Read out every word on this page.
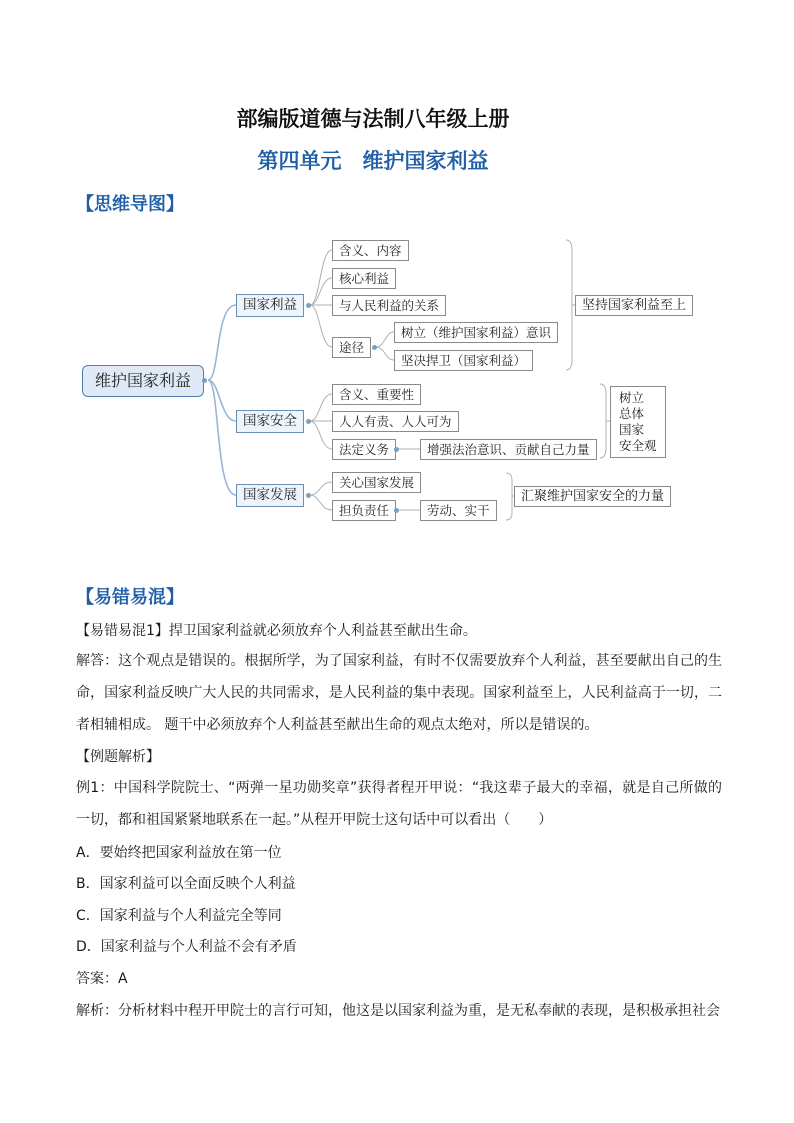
部编版道德与法制八年级上册
第四单元　维护国家利益
【思维导图】
维护国家利益
国家利益
含义、内容
核心利益
与人民利益的关系
途径
树立（维护国家利益）意识
坚决捍卫（国家利益）
坚持国家利益至上
国家安全
含义、重要性
人人有责、人人可为
法定义务	增强法治意识、贡献自己力量
树立
总体
国家
安全观
国家发展
关心国家发展
担负责任	劳动、实干
汇聚维护国家安全的力量
【易错易混】
【易错易混1】捍卫国家利益就必须放弃个人利益甚至献出生命。
解答：这个观点是错误的。根据所学，为了国家利益，有时不仅需要放弃个人利益，甚至要献出自己的生命，国家利益反映广大人民的共同需求，是人民利益的集中表现。国家利益至上，人民利益高于一切，二者相辅相成。 题干中必须放弃个人利益甚至献出生命的观点太绝对，所以是错误的。
【例题解析】
例1：中国科学院院士、“两弹一星功勋奖章”获得者程开甲说：“我这辈子最大的幸福，就是自己所做的一切，都和祖国紧紧地联系在一起。”从程开甲院士这句话中可以看出（　　）
A．要始终把国家利益放在第一位
B．国家利益可以全面反映个人利益
C．国家利益与个人利益完全等同
D．国家利益与个人利益不会有矛盾
答案：A
解析：分析材料中程开甲院士的言行可知，他这是以国家利益为重，是无私奉献的表现，是积极承担社会
